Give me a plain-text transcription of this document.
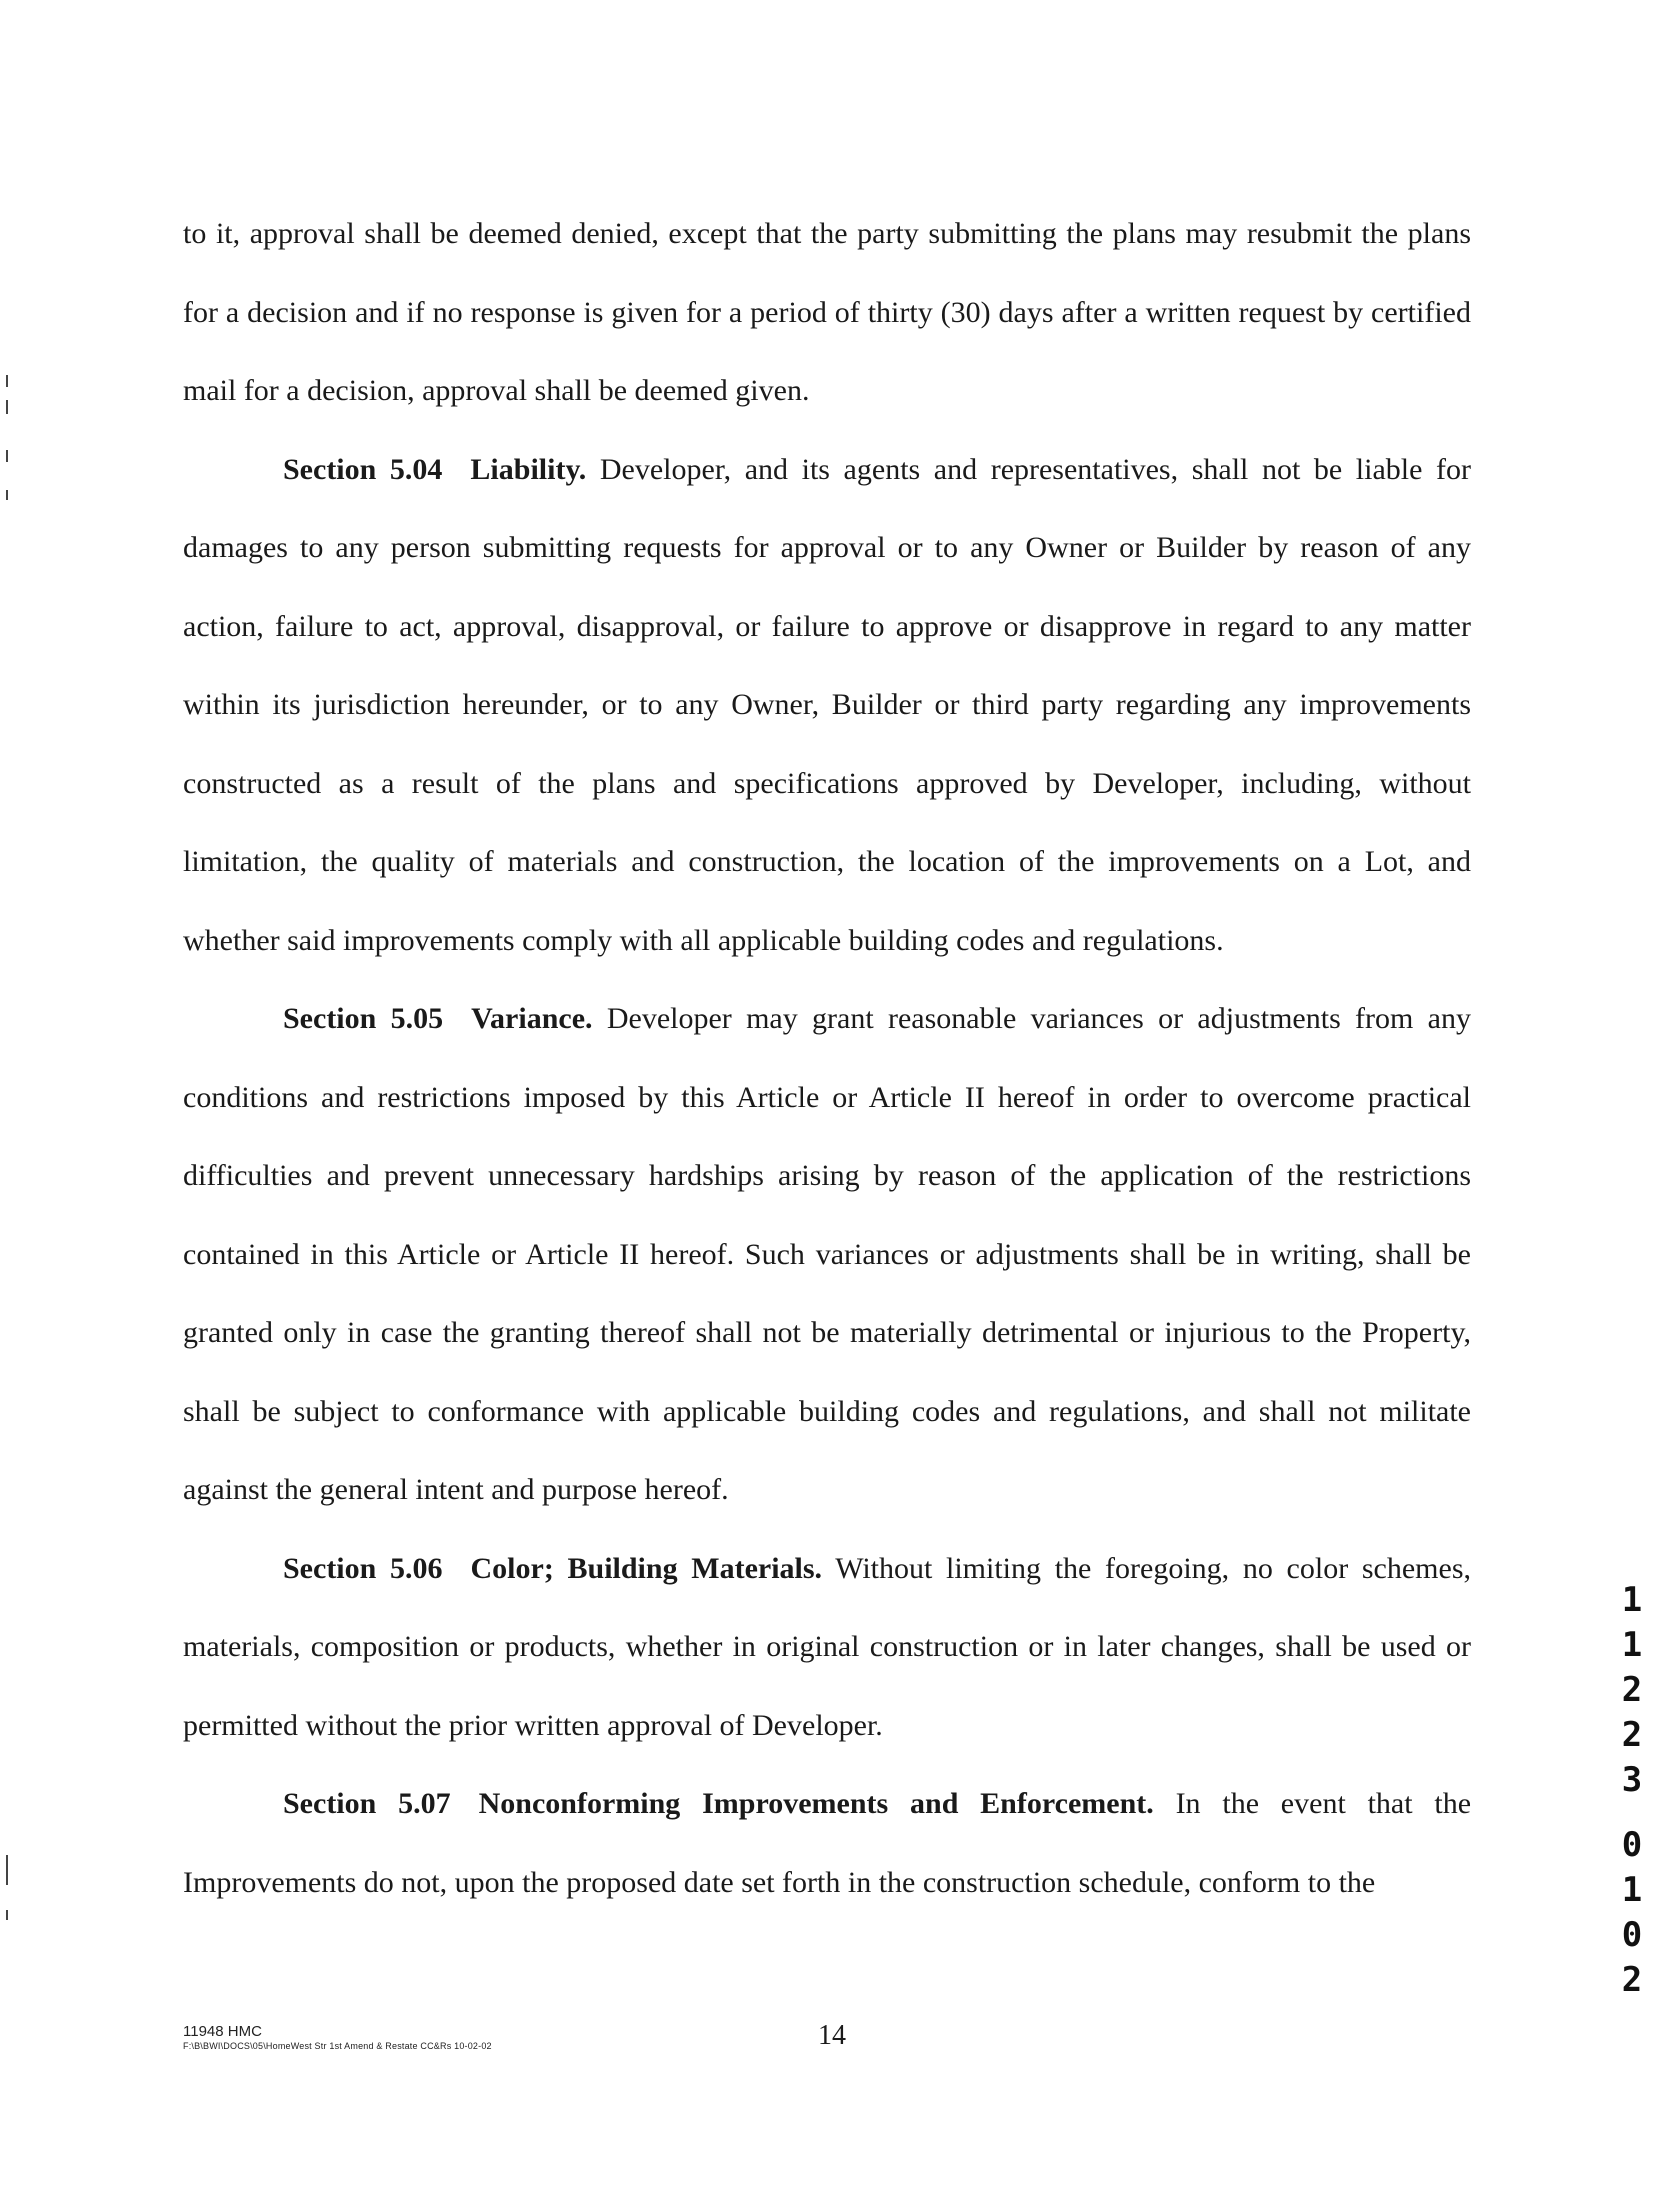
to it, approval shall be deemed denied, except that the party submitting the plans may resubmit the plans for a decision and if no response is given for a period of thirty (30) days after a written request by certified mail for a decision, approval shall be deemed given.

Section 5.04 Liability. Developer, and its agents and representatives, shall not be liable for damages to any person submitting requests for approval or to any Owner or Builder by reason of any action, failure to act, approval, disapproval, or failure to approve or disapprove in regard to any matter within its jurisdiction hereunder, or to any Owner, Builder or third party regarding any improvements constructed as a result of the plans and specifications approved by Developer, including, without limitation, the quality of materials and construction, the location of the improvements on a Lot, and whether said improvements comply with all applicable building codes and regulations.

Section 5.05 Variance. Developer may grant reasonable variances or adjustments from any conditions and restrictions imposed by this Article or Article II hereof in order to overcome practical difficulties and prevent unnecessary hardships arising by reason of the application of the restrictions contained in this Article or Article II hereof. Such variances or adjustments shall be in writing, shall be granted only in case the granting thereof shall not be materially detrimental or injurious to the Property, shall be subject to conformance with applicable building codes and regulations, and shall not militate against the general intent and purpose hereof.

Section 5.06 Color; Building Materials. Without limiting the foregoing, no color schemes, materials, composition or products, whether in original construction or in later changes, shall be used or permitted without the prior written approval of Developer.

Section 5.07 Nonconforming Improvements and Enforcement. In the event that the Improvements do not, upon the proposed date set forth in the construction schedule, conform to the

1
1
2
2
3
0
1
0
2
11948 HMC
F:\B\BWI\DOCS\05\HomeWest Str 1st Amend & Restate CC&Rs 10-02-02	14
